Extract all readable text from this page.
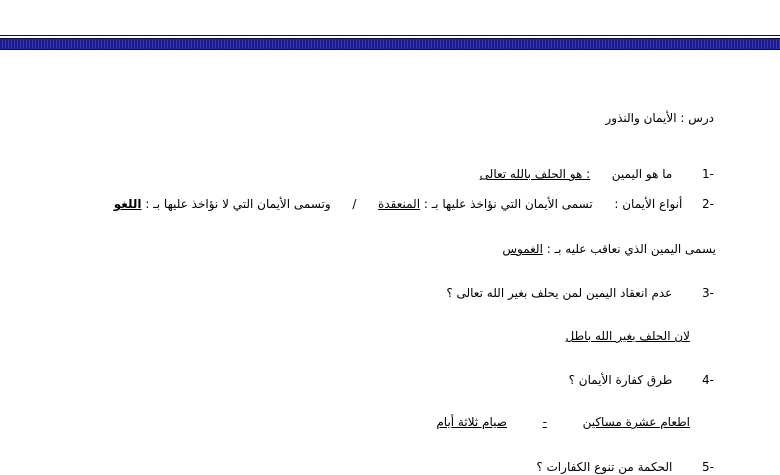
درس : الأيمان والنذور
-1  ما هو اليمين  : هو الحلف بالله تعالى
-2  أنواع الأيمان :  تسمى الأيمان التي نؤاخذ عليها بـ : المنعقدة  /  وتسمى الأيمان التي لا نؤاخذ عليها بـ : اللغو
يسمى اليمين الذي نعاقب عليه بـ : الغموس
-3  عدم انعقاد اليمين لمن يحلف بغير الله تعالى ؟
لان الحلف بغير الله باطل
-4  طرق كفارة الأيمان ؟
اطعام عشرة مساكين  -  صيام ثلاثة أيام
-5  الحكمة من تنوع الكفارات ؟
